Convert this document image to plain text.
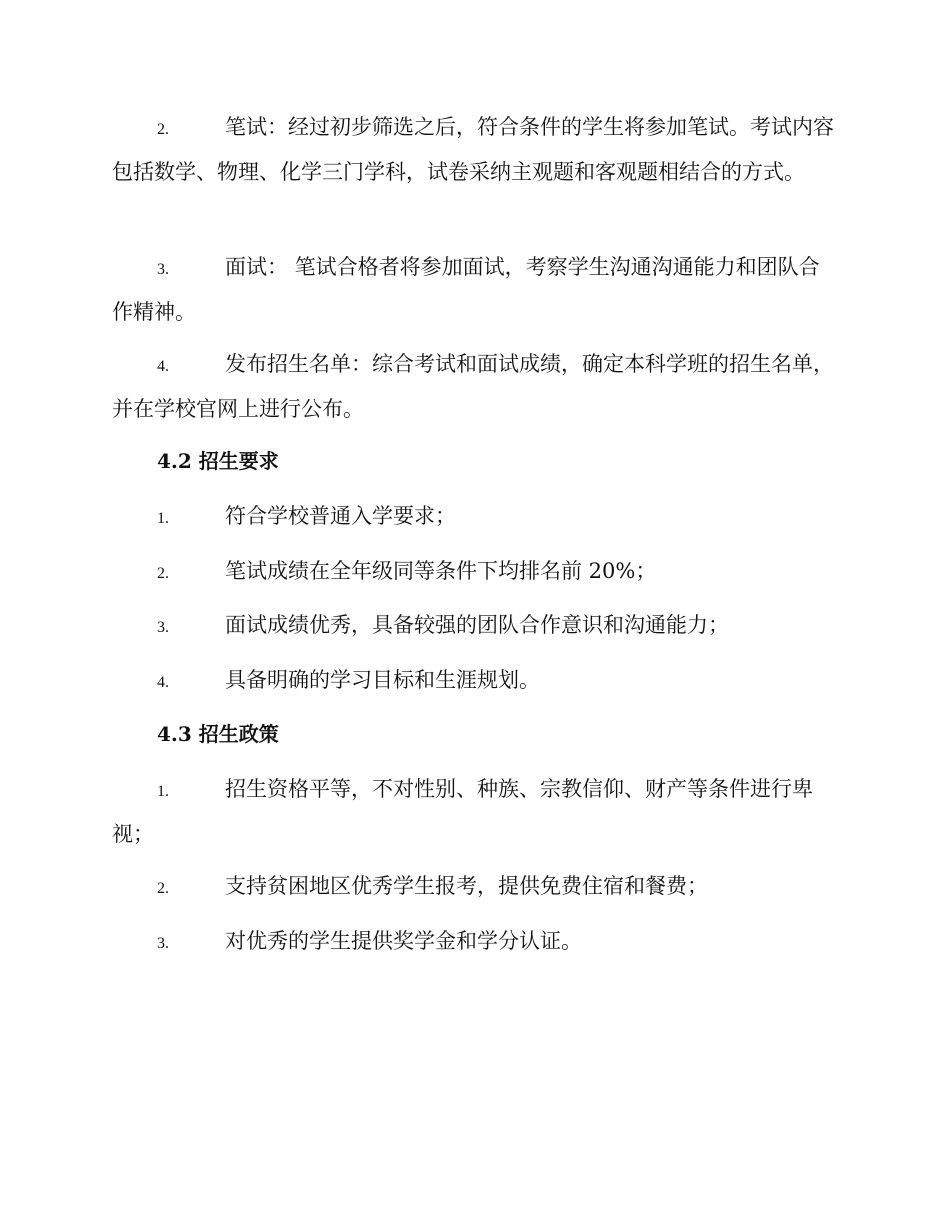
2.	笔试：经过初步筛选之后，符合条件的学生将参加笔试。考试内容包括数学、物理、化学三门学科，试卷采纳主观题和客观题相结合的方式。

3.	面试： 笔试合格者将参加面试，考察学生沟通沟通能力和团队合作精神。

4.	发布招生名单：综合考试和面试成绩，确定本科学班的招生名单，并在学校官网上进行公布。

4.2 招生要求

1.	符合学校普通入学要求；

2.	笔试成绩在全年级同等条件下均排名前 20%；

3.	面试成绩优秀，具备较强的团队合作意识和沟通能力；

4.	具备明确的学习目标和生涯规划。

4.3 招生政策

1.	招生资格平等，不对性别、种族、宗教信仰、财产等条件进行卑视；

2.	支持贫困地区优秀学生报考，提供免费住宿和餐费；

3.	对优秀的学生提供奖学金和学分认证。
